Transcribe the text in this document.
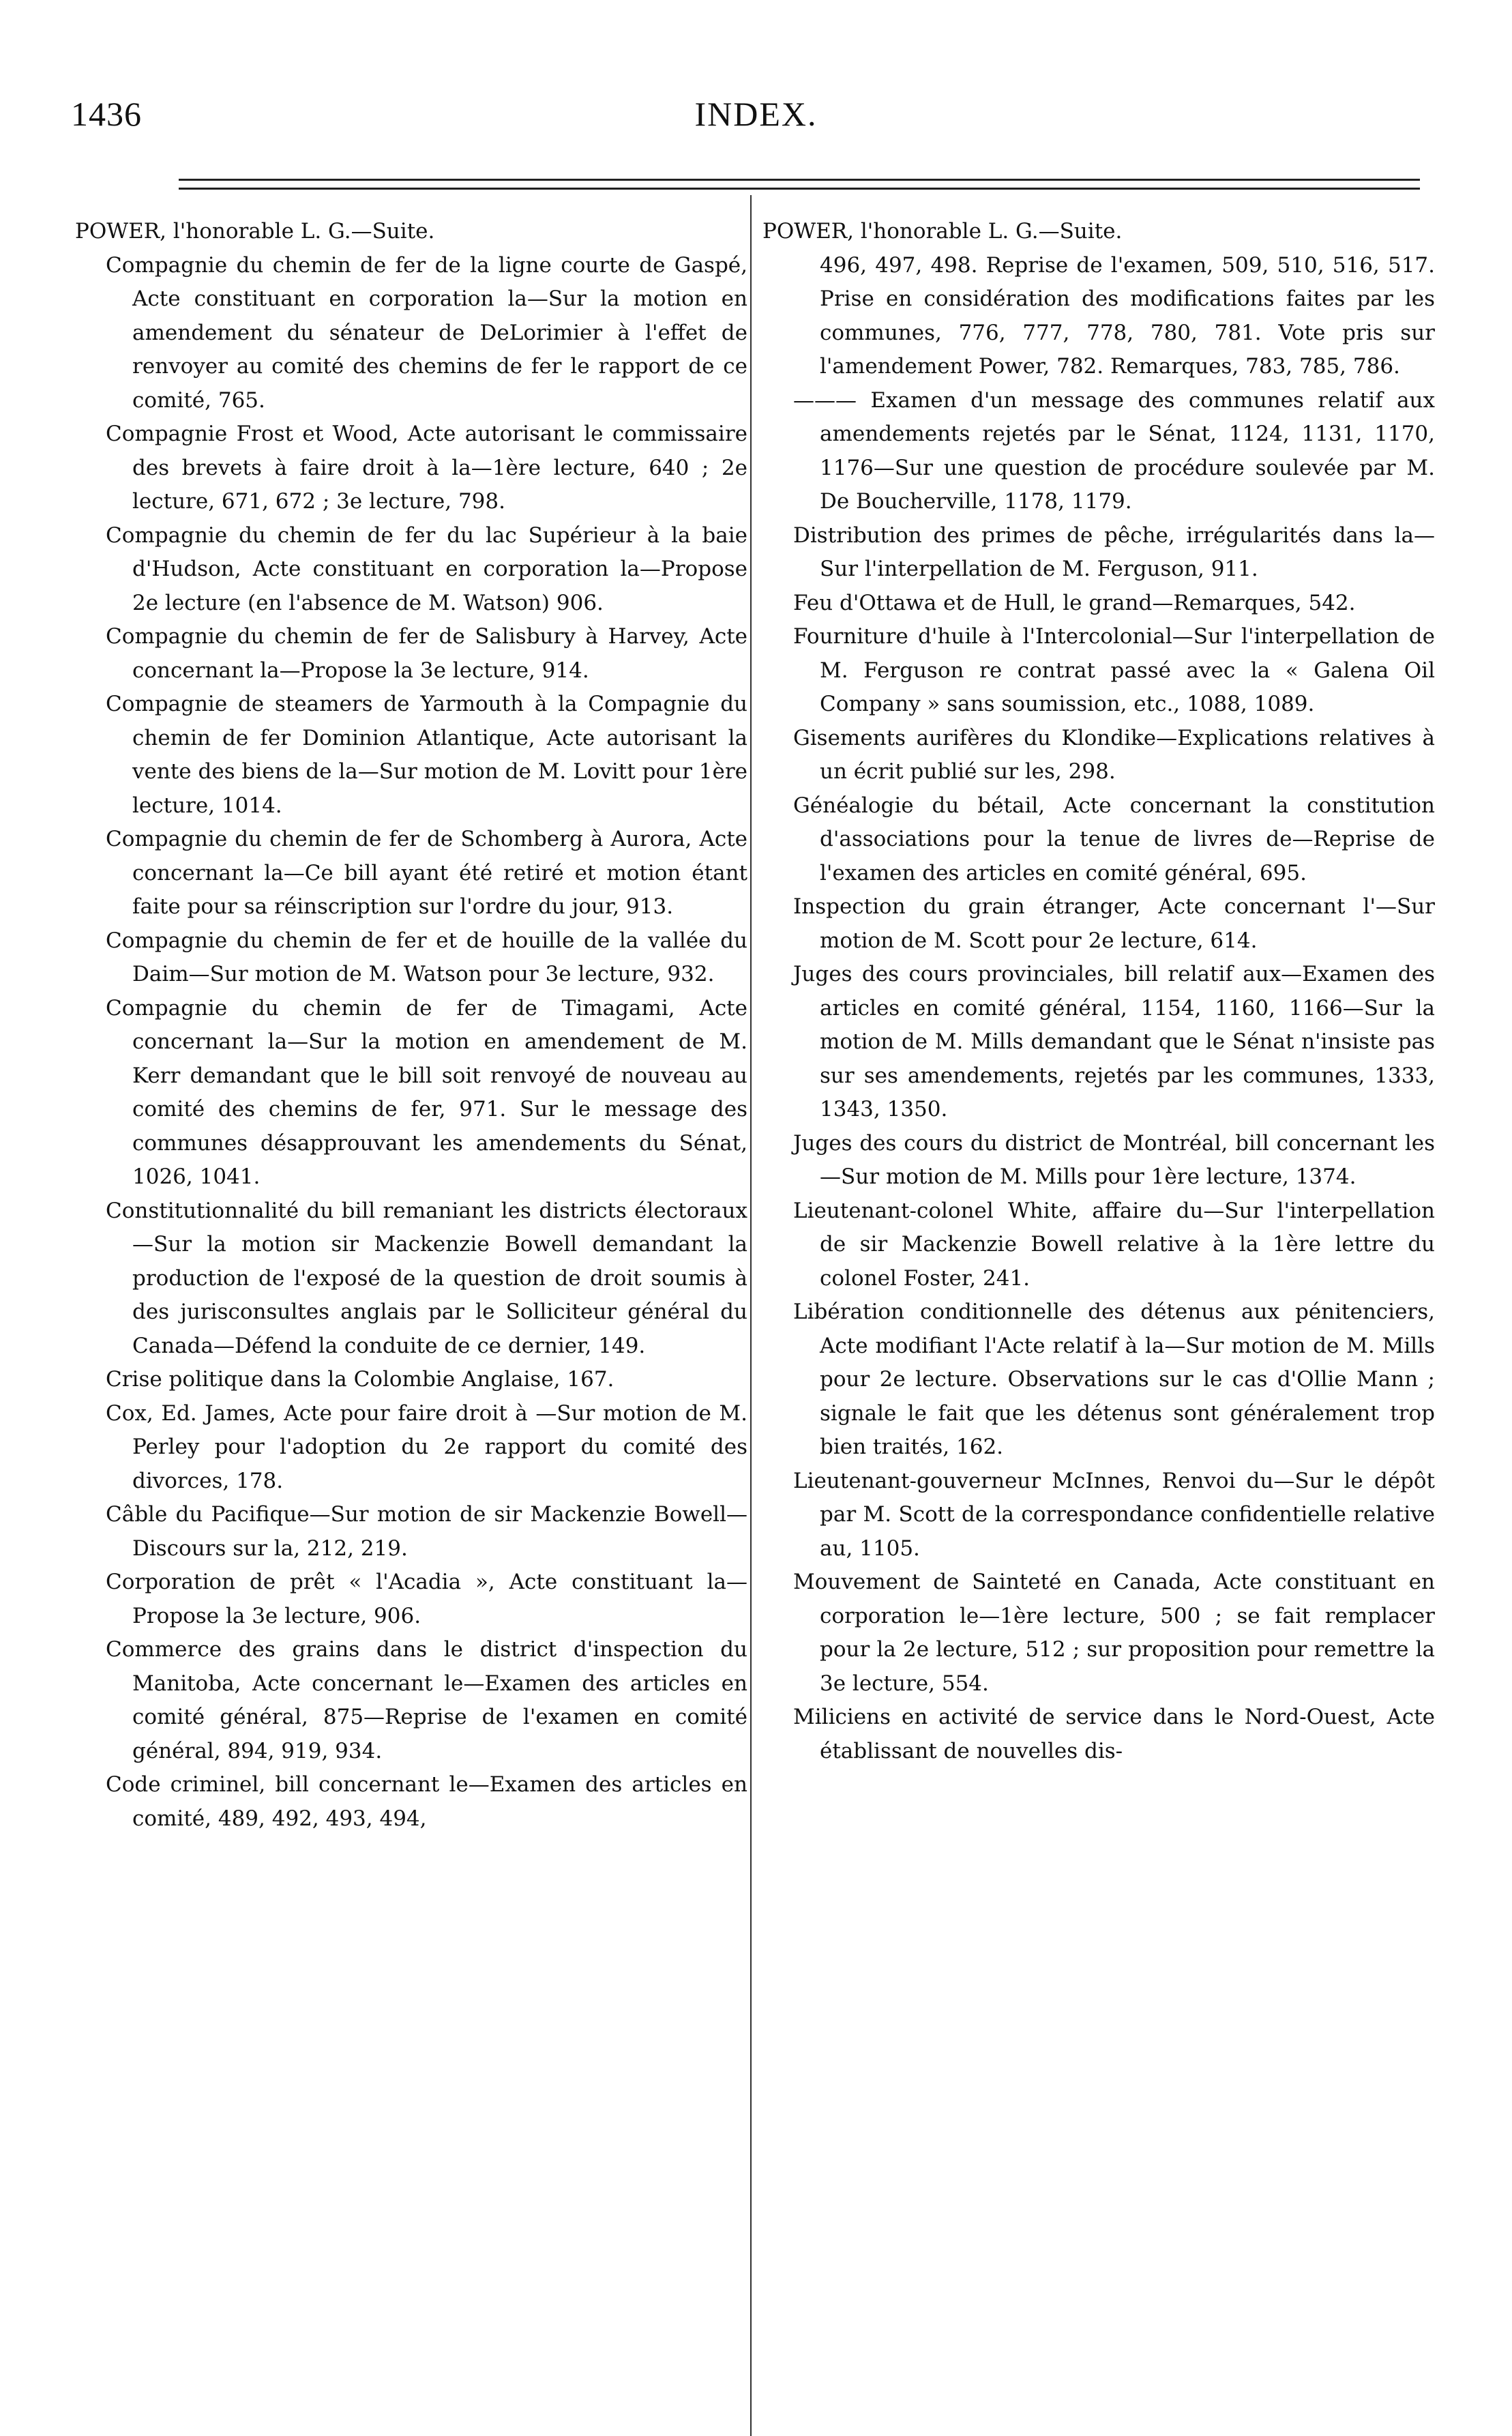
1436	INDEX.

POWER, l'honorable L. G.—Suite.

Compagnie du chemin de fer de la ligne courte de Gaspé, Acte constituant en corporation la—Sur la motion en amendement du sénateur de DeLorimier à l'effet de renvoyer au comité des chemins de fer le rapport de ce comité, 765.

Compagnie Frost et Wood, Acte autorisant le commissaire des brevets à faire droit à la—1ère lecture, 640 ; 2e lecture, 671, 672 ; 3e lecture, 798.

Compagnie du chemin de fer du lac Supérieur à la baie d'Hudson, Acte constituant en corporation la—Propose 2e lecture (en l'absence de M. Watson) 906.

Compagnie du chemin de fer de Salisbury à Harvey, Acte concernant la—Propose la 3e lecture, 914.

Compagnie de steamers de Yarmouth à la Compagnie du chemin de fer Dominion Atlantique, Acte autorisant la vente des biens de la—Sur motion de M. Lovitt pour 1ère lecture, 1014.

Compagnie du chemin de fer de Schomberg à Aurora, Acte concernant la—Ce bill ayant été retiré et motion étant faite pour sa réinscription sur l'ordre du jour, 913.

Compagnie du chemin de fer et de houille de la vallée du Daim—Sur motion de M. Watson pour 3e lecture, 932.

Compagnie du chemin de fer de Timagami, Acte concernant la—Sur la motion en amendement de M. Kerr demandant que le bill soit renvoyé de nouveau au comité des chemins de fer, 971. Sur le message des communes désapprouvant les amendements du Sénat, 1026, 1041.

Constitutionnalité du bill remaniant les districts électoraux—Sur la motion sir Mackenzie Bowell demandant la production de l'exposé de la question de droit soumis à des jurisconsultes anglais par le Solliciteur général du Canada—Défend la conduite de ce dernier, 149.

Crise politique dans la Colombie Anglaise, 167.

Cox, Ed. James, Acte pour faire droit à —Sur motion de M. Perley pour l'adoption du 2e rapport du comité des divorces, 178.

Câble du Pacifique—Sur motion de sir Mackenzie Bowell—Discours sur la, 212, 219.

Corporation de prêt « l'Acadia », Acte constituant la—Propose la 3e lecture, 906.

Commerce des grains dans le district d'inspection du Manitoba, Acte concernant le—Examen des articles en comité général, 875—Reprise de l'examen en comité général, 894, 919, 934.

Code criminel, bill concernant le—Examen des articles en comité, 489, 492, 493, 494,

POWER, l'honorable L. G.—Suite.

496, 497, 498. Reprise de l'examen, 509, 510, 516, 517. Prise en considération des modifications faites par les communes, 776, 777, 778, 780, 781. Vote pris sur l'amendement Power, 782. Remarques, 783, 785, 786.

——— Examen d'un message des communes relatif aux amendements rejetés par le Sénat, 1124, 1131, 1170, 1176—Sur une question de procédure soulevée par M. De Boucherville, 1178, 1179.

Distribution des primes de pêche, irrégularités dans la—Sur l'interpellation de M. Ferguson, 911.

Feu d'Ottawa et de Hull, le grand—Remarques, 542.

Fourniture d'huile à l'Intercolonial—Sur l'interpellation de M. Ferguson re contrat passé avec la « Galena Oil Company » sans soumission, etc., 1088, 1089.

Gisements aurifères du Klondike—Explications relatives à un écrit publié sur les, 298.

Généalogie du bétail, Acte concernant la constitution d'associations pour la tenue de livres de—Reprise de l'examen des articles en comité général, 695.

Inspection du grain étranger, Acte concernant l'—Sur motion de M. Scott pour 2e lecture, 614.

Juges des cours provinciales, bill relatif aux—Examen des articles en comité général, 1154, 1160, 1166—Sur la motion de M. Mills demandant que le Sénat n'insiste pas sur ses amendements, rejetés par les communes, 1333, 1343, 1350.

Juges des cours du district de Montréal, bill concernant les—Sur motion de M. Mills pour 1ère lecture, 1374.

Lieutenant-colonel White, affaire du—Sur l'interpellation de sir Mackenzie Bowell relative à la 1ère lettre du colonel Foster, 241.

Libération conditionnelle des détenus aux pénitenciers, Acte modifiant l'Acte relatif à la—Sur motion de M. Mills pour 2e lecture. Observations sur le cas d'Ollie Mann ; signale le fait que les détenus sont généralement trop bien traités, 162.

Lieutenant-gouverneur McInnes, Renvoi du—Sur le dépôt par M. Scott de la correspondance confidentielle relative au, 1105.

Mouvement de Sainteté en Canada, Acte constituant en corporation le—1ère lecture, 500 ; se fait remplacer pour la 2e lecture, 512 ; sur proposition pour remettre la 3e lecture, 554.

Miliciens en activité de service dans le Nord-Ouest, Acte établissant de nouvelles dis-
